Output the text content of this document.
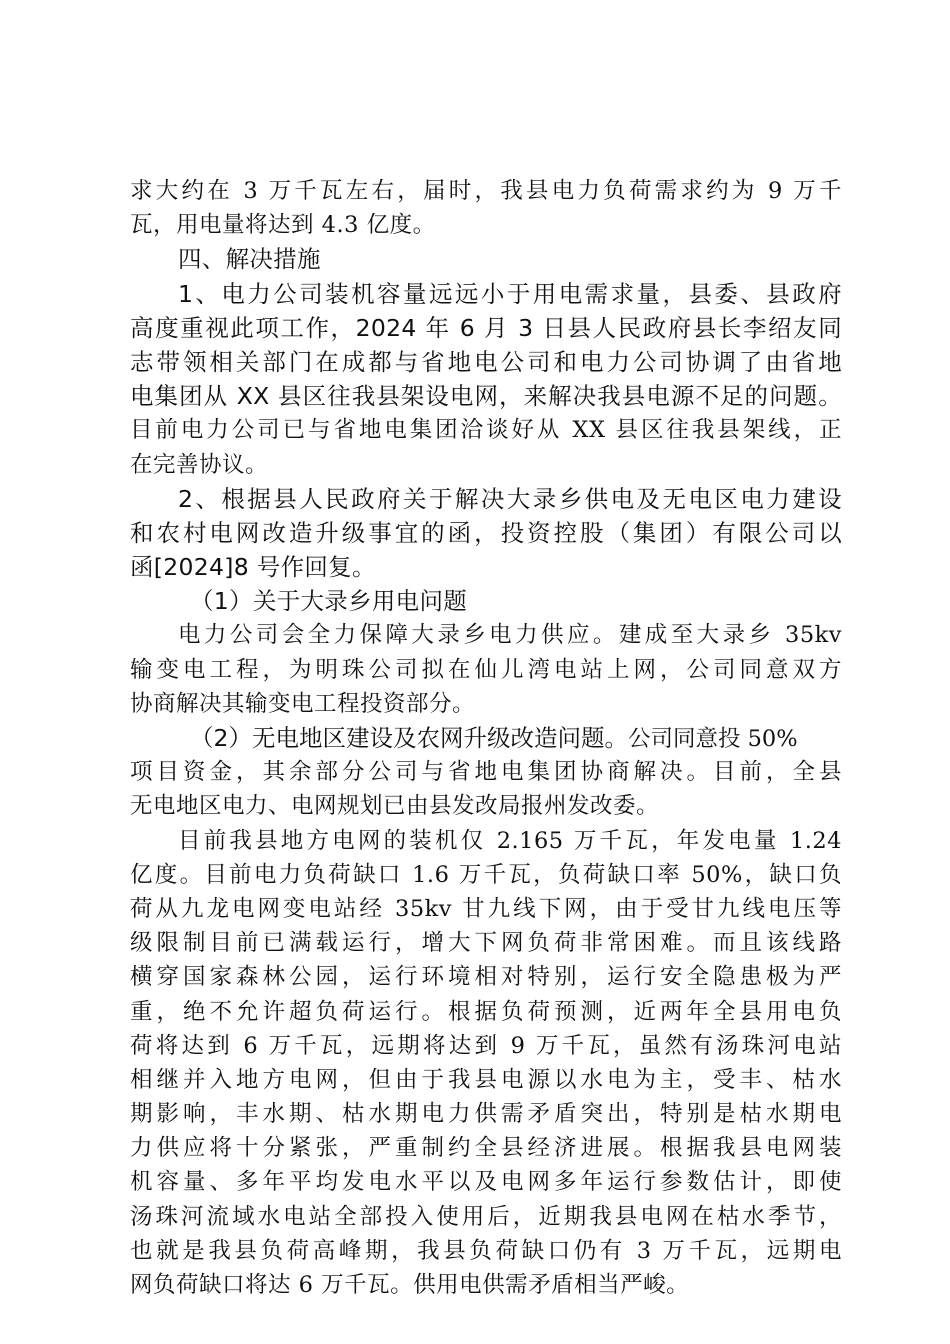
求大约在 3 万千瓦左右，届时，我县电力负荷需求约为 9 万千
瓦，用电量将达到 4.3 亿度。
四、解决措施
1、电力公司装机容量远远小于用电需求量，县委、县政府
高度重视此项工作，2024 年 6 月 3 日县人民政府县长李绍友同
志带领相关部门在成都与省地电公司和电力公司协调了由省地
电集团从 XX 县区往我县架设电网，来解决我县电源不足的问题。
目前电力公司已与省地电集团洽谈好从 XX 县区往我县架线，正
在完善协议。
2、根据县人民政府关于解决大录乡供电及无电区电力建设
和农村电网改造升级事宜的函，投资控股（集团）有限公司以
函[2024]8 号作回复。
（1）关于大录乡用电问题
电力公司会全力保障大录乡电力供应。建成至大录乡 35kv
输变电工程，为明珠公司拟在仙儿湾电站上网，公司同意双方
协商解决其输变电工程投资部分。
（2）无电地区建设及农网升级改造问题。公司同意投 50%
项目资金，其余部分公司与省地电集团协商解决。目前，全县
无电地区电力、电网规划已由县发改局报州发改委。
目前我县地方电网的装机仅 2.165 万千瓦，年发电量 1.24
亿度。目前电力负荷缺口 1.6 万千瓦，负荷缺口率 50%，缺口负
荷从九龙电网变电站经 35kv 甘九线下网，由于受甘九线电压等
级限制目前已满载运行，增大下网负荷非常困难。而且该线路
横穿国家森林公园，运行环境相对特别，运行安全隐患极为严
重，绝不允许超负荷运行。根据负荷预测，近两年全县用电负
荷将达到 6 万千瓦，远期将达到 9 万千瓦，虽然有汤珠河电站
相继并入地方电网，但由于我县电源以水电为主，受丰、枯水
期影响，丰水期、枯水期电力供需矛盾突出，特别是枯水期电
力供应将十分紧张，严重制约全县经济进展。根据我县电网装
机容量、多年平均发电水平以及电网多年运行参数估计，即使
汤珠河流域水电站全部投入使用后，近期我县电网在枯水季节，
也就是我县负荷高峰期，我县负荷缺口仍有 3 万千瓦，远期电
网负荷缺口将达 6 万千瓦。供用电供需矛盾相当严峻。
